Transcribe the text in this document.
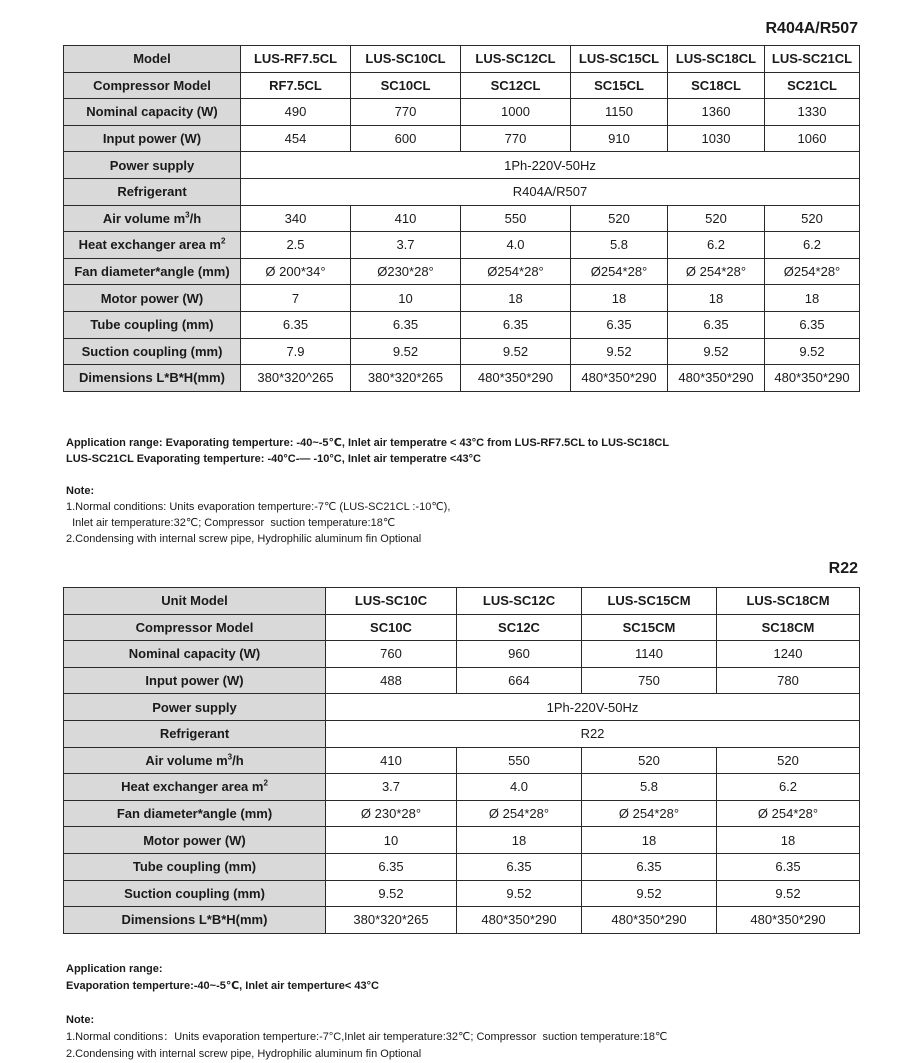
R404A/R507
Model	LUS-RF7.5CL	LUS-SC10CL	LUS-SC12CL	LUS-SC15CL	LUS-SC18CL	LUS-SC21CL
Compressor Model	RF7.5CL	SC10CL	SC12CL	SC15CL	SC18CL	SC21CL
Nominal capacity (W)	490	770	1000	1150	1360	1330
Input power (W)	454	600	770	910	1030	1060
Power supply	1Ph-220V-50Hz					
Refrigerant	R404A/R507					
Air volume $m^3/h$	340	410	550	520	520	520
Heat exchanger area $m^2$	2.5	3.7	4.0	5.8	6.2	6.2
Fan diameter*angle (mm)	Ø 200*34°	Ø230*28°	Ø254*28°	Ø254*28°	Ø 254*28°	Ø254*28°
Motor power (W)	7	10	18	18	18	18
Tube coupling (mm)	6.35	6.35	6.35	6.35	6.35	6.35
Suction coupling (mm)	7.9	9.52	9.52	9.52	9.52	9.52
Dimensions L*B*H(mm)	380*320^265	380*320*265	480*350*290	480*350*290	480*350*290	480*350*290

Application range: Evaporating temperture: -40~-5℃, Inlet air temperatre < 43°C from LUS-RF7.5CL to LUS-SC18CL
LUS-SC21CL Evaporating temperture: -40°C-— -10°C, Inlet air temperatre <43°C

Note:
1.Normal conditions: Units evaporation temperture:-7℃ (LUS-SC21CL :-10℃),
Inlet air temperature:32℃; Compressor  suction temperature:18℃
2.Condensing with internal screw pipe, Hydrophilic aluminum fin Optional
R22
Unit Model	LUS-SC10C	LUS-SC12C	LUS-SC15CM	LUS-SC18CM
Compressor Model	SC10C	SC12C	SC15CM	SC18CM
Nominal capacity (W)	760	960	1140	1240
Input power (W)	488	664	750	780
Power supply	1Ph-220V-50Hz			
Refrigerant	R22			
Air volume $m^3/h$	410	550	520	520
Heat exchanger area $m^2$	3.7	4.0	5.8	6.2
Fan diameter*angle (mm)	Ø 230*28°	Ø 254*28°	Ø 254*28°	Ø 254*28°
Motor power (W)	10	18	18	18
Tube coupling (mm)	6.35	6.35	6.35	6.35
Suction coupling (mm)	9.52	9.52	9.52	9.52
Dimensions L*B*H(mm)	380*320*265	480*350*290	480*350*290	480*350*290

Application range:
Evaporation temperture:-40~-5℃, Inlet air temperture< 43°C

Note:
1.Normal conditions：Units evaporation temperture:-7°C,Inlet air temperature:32℃; Compressor  suction temperature:18℃
2.Condensing with internal screw pipe, Hydrophilic aluminum fin Optional
